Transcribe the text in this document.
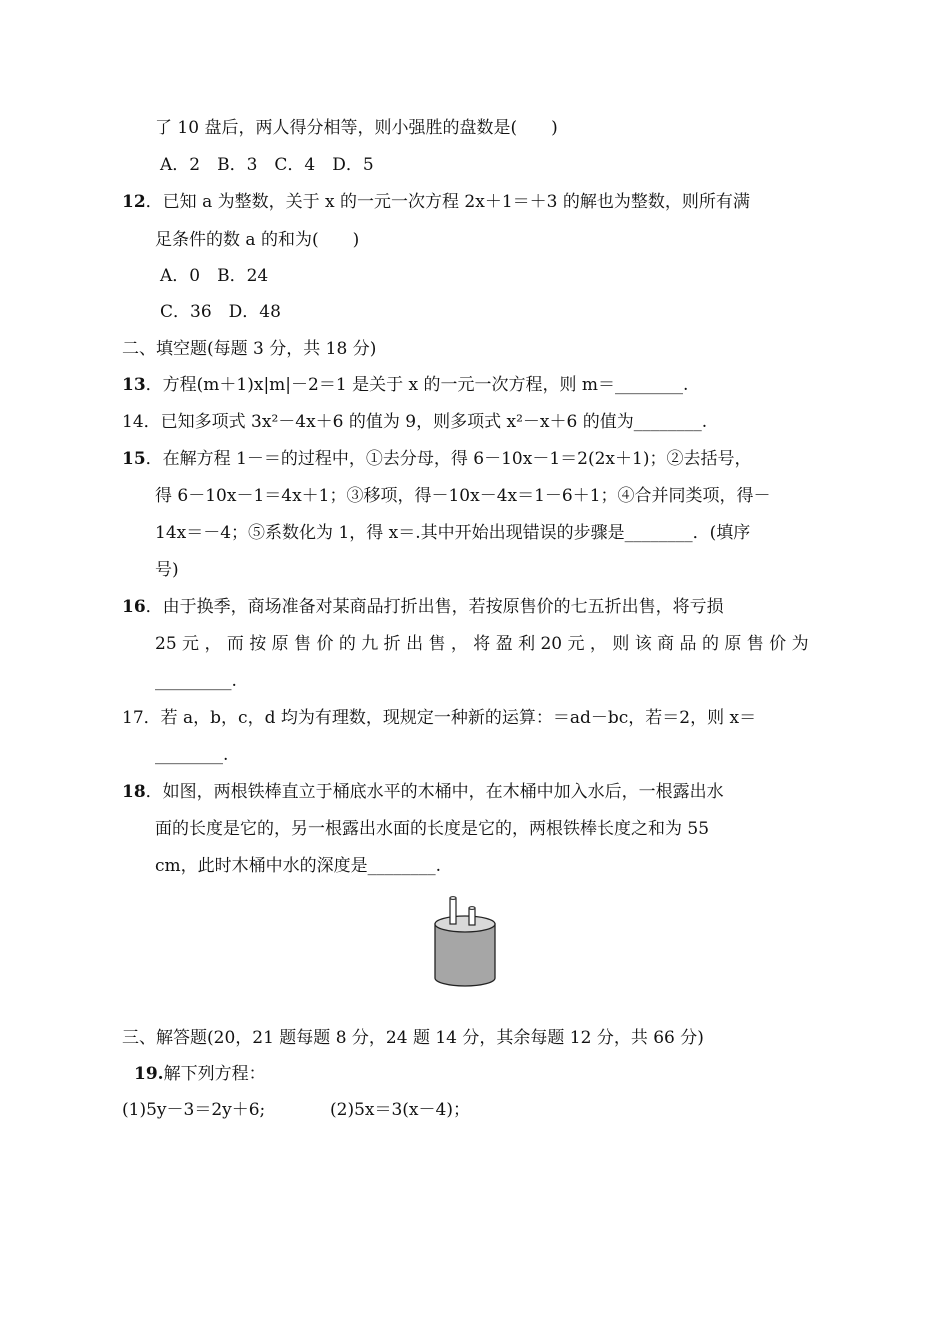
了 10 盘后，两人得分相等，则小强胜的盘数是(　　)
A．2　B．3　C．4　D．5
12．已知 a 为整数，关于 x 的一元一次方程 2x＋1＝＋3 的解也为整数，则所有满
足条件的数 a 的和为(　　)
A．0　B．24
C．36　D．48
二、填空题(每题 3 分，共 18 分)
13．方程(m＋1)x|m|－2＝1 是关于 x 的一元一次方程，则 m＝________.
14．已知多项式 3x²－4x＋6 的值为 9，则多项式 x²－x＋6 的值为________.
15．在解方程 1－＝的过程中，①去分母，得 6－10x－1＝2(2x＋1)；②去括号，
得 6－10x－1＝4x＋1；③移项，得－10x－4x＝1－6＋1；④合并同类项，得－
14x＝－4；⑤系数化为 1，得 x＝.其中开始出现错误的步骤是________．(填序
号)
16．由于换季，商场准备对某商品打折出售，若按原售价的七五折出售，将亏损
25 元 ， 而 按 原 售 价 的 九 折 出 售 ， 将 盈 利 20 元 ， 则 该 商 品 的 原 售 价 为
_________.
17．若 a，b，c，d 均为有理数，现规定一种新的运算：＝ad－bc，若＝2，则 x＝
________.
18．如图，两根铁棒直立于桶底水平的木桶中，在木桶中加入水后，一根露出水
面的长度是它的，另一根露出水面的长度是它的，两根铁棒长度之和为 55
cm，此时木桶中水的深度是________.
三、解答题(20，21 题每题 8 分，24 题 14 分，其余每题 12 分，共 66 分)
19.解下列方程：
(1)5y－3＝2y＋6;	(2)5x＝3(x－4)；
